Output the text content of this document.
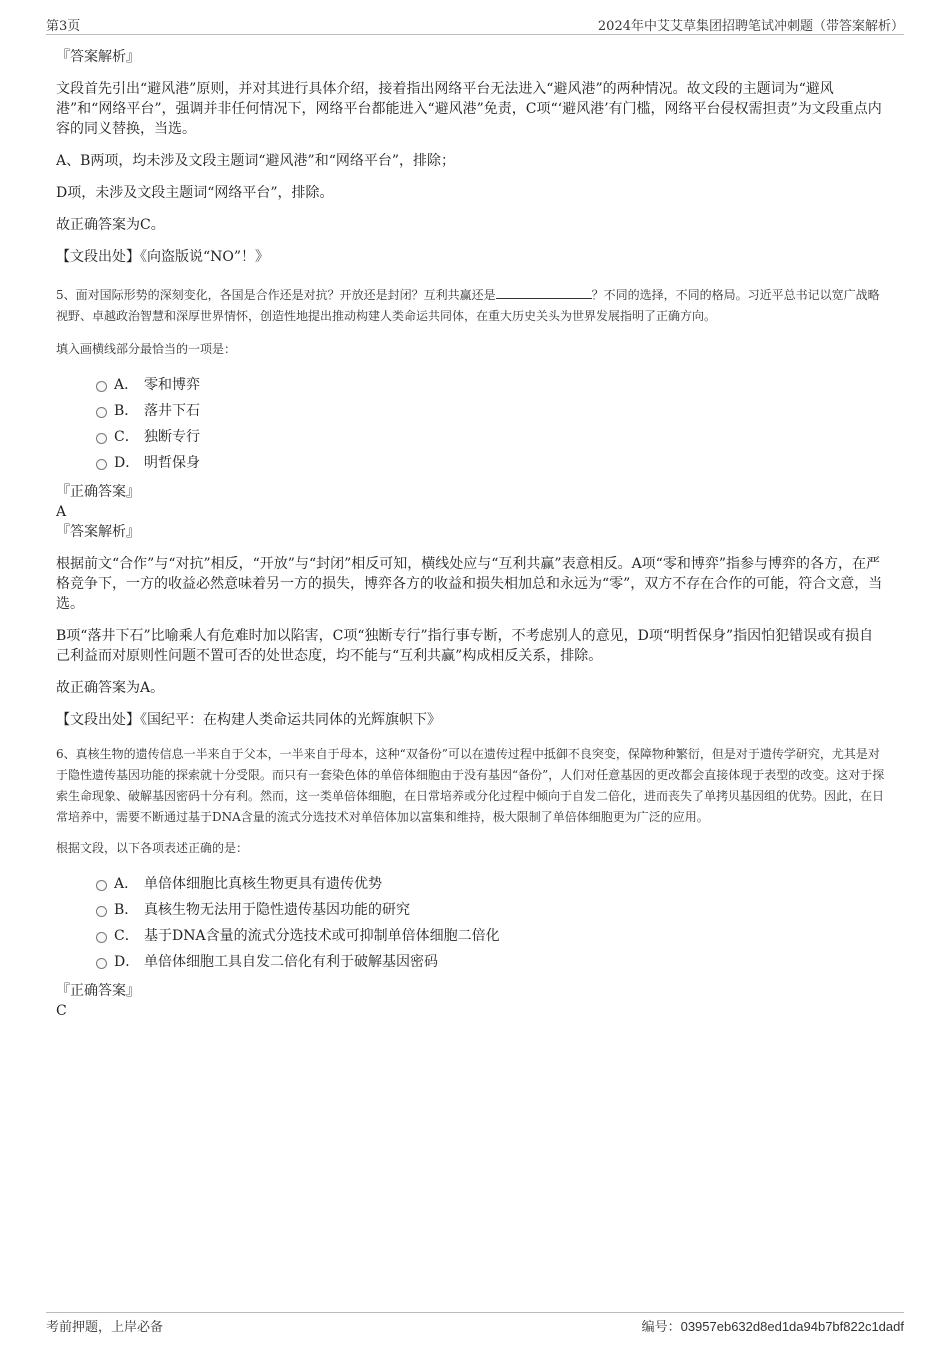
第3页	2024年中艾艾草集团招聘笔试冲刺题（带答案解析）

『答案解析』

文段首先引出“避风港”原则，并对其进行具体介绍，接着指出网络平台无法进入“避风港”的两种情况。故文段的主题词为“避风港”和“网络平台”，强调并非任何情况下，网络平台都能进入“避风港”免责，C项“‘避风港’有门槛，网络平台侵权需担责”为文段重点内容的同义替换，当选。

A、B两项，均未涉及文段主题词“避风港”和“网络平台”，排除；

D项，未涉及文段主题词“网络平台”，排除。

故正确答案为C。

【文段出处】《向盗版说“NO”！》

5、面对国际形势的深刻变化，各国是合作还是对抗？开放还是封闭？互利共赢还是	？不同的选择，不同的格局。习近平总书记以宽广战略视野、卓越政治智慧和深厚世界情怀，创造性地提出推动构建人类命运共同体，在重大历史关头为世界发展指明了正确方向。

填入画横线部分最恰当的一项是：

A． 零和博弈
B． 落井下石
C． 独断专行
D． 明哲保身

『正确答案』

A

『答案解析』

根据前文“合作”与“对抗”相反，“开放”与“封闭”相反可知，横线处应与“互利共赢”表意相反。A项“零和博弈”指参与博弈的各方，在严格竞争下，一方的收益必然意味着另一方的损失，博弈各方的收益和损失相加总和永远为“零”，双方不存在合作的可能，符合文意，当选。

B项“落井下石”比喻乘人有危难时加以陷害，C项“独断专行”指行事专断，不考虑别人的意见，D项“明哲保身”指因怕犯错误或有损自己利益而对原则性问题不置可否的处世态度，均不能与“互利共赢”构成相反关系，排除。

故正确答案为A。

【文段出处】《国纪平：在构建人类命运共同体的光辉旗帜下》

6、真核生物的遗传信息一半来自于父本，一半来自于母本，这种“双备份”可以在遗传过程中抵御不良突变，保障物种繁衍，但是对于遗传学研究，尤其是对于隐性遗传基因功能的探索就十分受限。而只有一套染色体的单倍体细胞由于没有基因“备份”，人们对任意基因的更改都会直接体现于表型的改变。这对于探索生命现象、破解基因密码十分有利。然而，这一类单倍体细胞，在日常培养或分化过程中倾向于自发二倍化，进而丧失了单拷贝基因组的优势。因此，在日常培养中，需要不断通过基于DNA含量的流式分选技术对单倍体加以富集和维持，极大限制了单倍体细胞更为广泛的应用。

根据文段，以下各项表述正确的是：

A． 单倍体细胞比真核生物更具有遗传优势
B． 真核生物无法用于隐性遗传基因功能的研究
C． 基于DNA含量的流式分选技术或可抑制单倍体细胞二倍化
D． 单倍体细胞工具自发二倍化有利于破解基因密码

『正确答案』

C

考前押题，上岸必备	编号：03957eb632d8ed1da94b7bf822c1dadf
